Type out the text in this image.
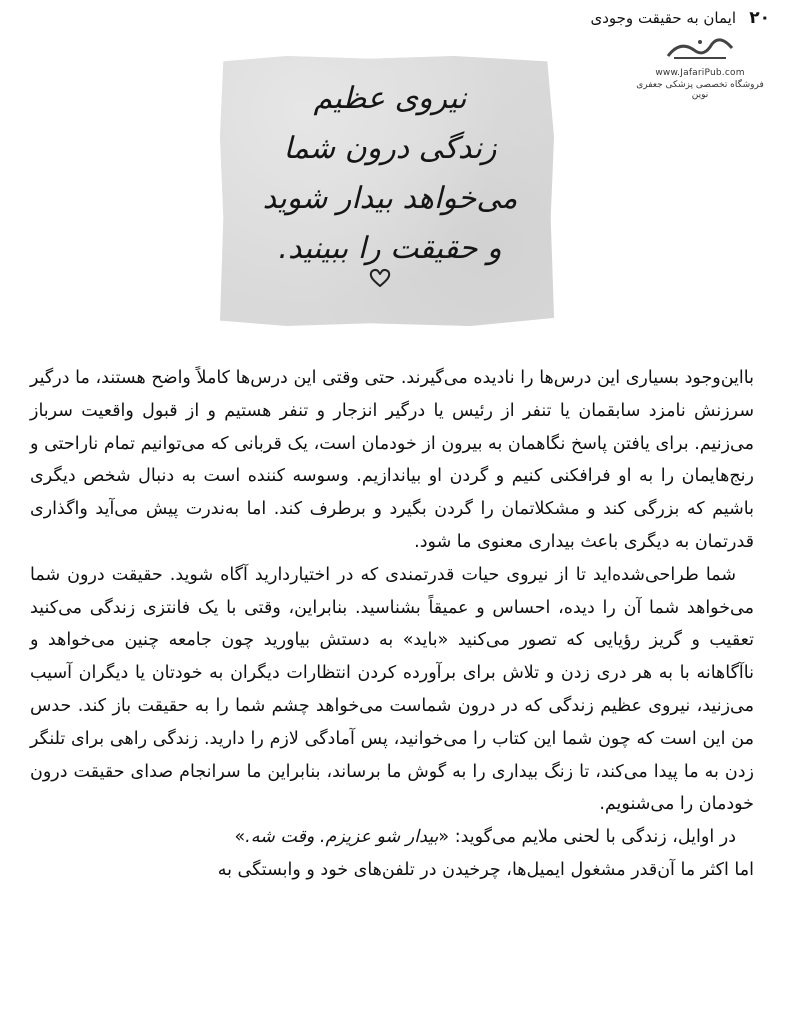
۲۰
ایمان به حقیقت وجودی
www.JafariPub.com
فروشگاه تخصصی پزشکی جعفری نوین
نیروی عظیم
زندگی درون شما
می‌خواهد بیدار شوید
و حقیقت را ببینید.

بااین‌وجود بسیاری این درس‌ها را نادیده می‌گیرند. حتی وقتی این درس‌ها کاملاً واضح هستند، ما درگیر سرزنش نامزد سابقمان یا تنفر از رئیس یا درگیر انزجار و تنفر هستیم و از قبول واقعیت سرباز می‌زنیم. برای یافتن پاسخ نگاهمان به بیرون از خودمان است، یک قربانی که می‌توانیم تمام ناراحتی و رنج‌هایمان را به او فرافکنی کنیم و گردن او بیاندازیم. وسوسه کننده است به دنبال شخص دیگری باشیم که بزرگی کند و مشکلاتمان را گردن بگیرد و برطرف کند. اما به‌ندرت پیش می‌آید واگذاری قدرتمان به دیگری باعث بیداری معنوی ما شود.

شما طراحی‌شده‌اید تا از نیروی حیات قدرتمندی که در اختیاردارید آگاه شوید. حقیقت درون شما می‌خواهد شما آن را دیده، احساس و عمیقاً بشناسید. بنابراین، وقتی با یک فانتزی زندگی می‌کنید تعقیب و گریز رؤیایی که تصور می‌کنید «باید» به دستش بیاورید چون جامعه چنین می‌خواهد و ناآگاهانه با به هر دری زدن و تلاش برای برآورده کردن انتظارات دیگران به خودتان یا دیگران آسیب می‌زنید، نیروی عظیم زندگی که در درون شماست می‌خواهد چشم شما را به حقیقت باز کند. حدس من این است که چون شما این کتاب را می‌خوانید، پس آمادگی لازم را دارید. زندگی راهی برای تلنگر زدن به ما پیدا می‌کند، تا زنگ بیداری را به گوش ما برساند، بنابراین ما سرانجام صدای حقیقت درون خودمان را می‌شنویم.

در اوایل، زندگی با لحنی ملایم می‌گوید: «بیدار شو عزیزم. وقت شه.»

اما اکثر ما آن‌قدر مشغول ایمیل‌ها، چرخیدن در تلفن‌های خود و وابستگی به
